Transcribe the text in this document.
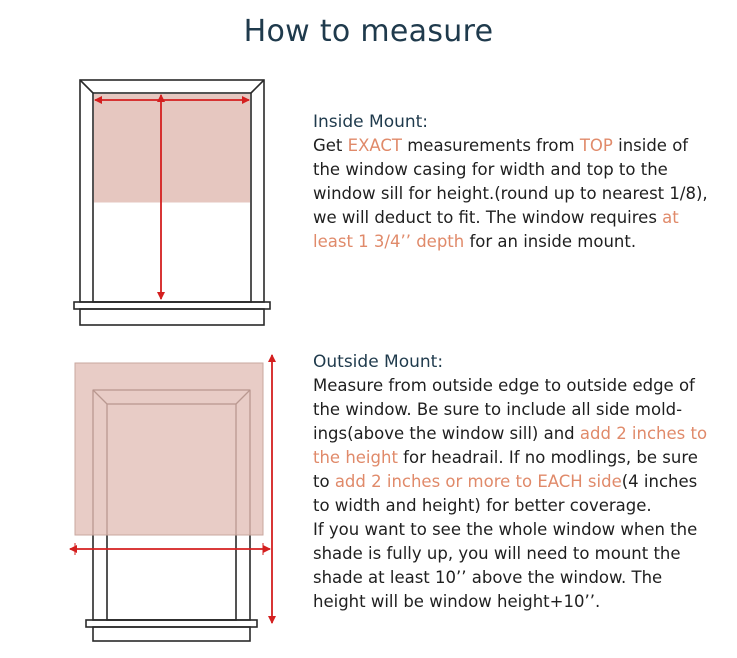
How to measure
Inside Mount:
Get EXACT measurements from TOP inside of
the window casing for width and top to the
window sill for height.(round up to nearest 1/8),
we will deduct to fit. The window requires at
least 1 3/4’’ depth for an inside mount.
Outside Mount:
Measure from outside edge to outside edge of
the window. Be sure to include all side mold-
ings(above the window sill) and add 2 inches to
the height for headrail. If no modlings, be sure
to add 2 inches or more to EACH side(4 inches
to width and height) for better coverage.
If you want to see the whole window when the
shade is fully up, you will need to mount the
shade at least 10’’ above the window. The
height will be window height+10’’.
